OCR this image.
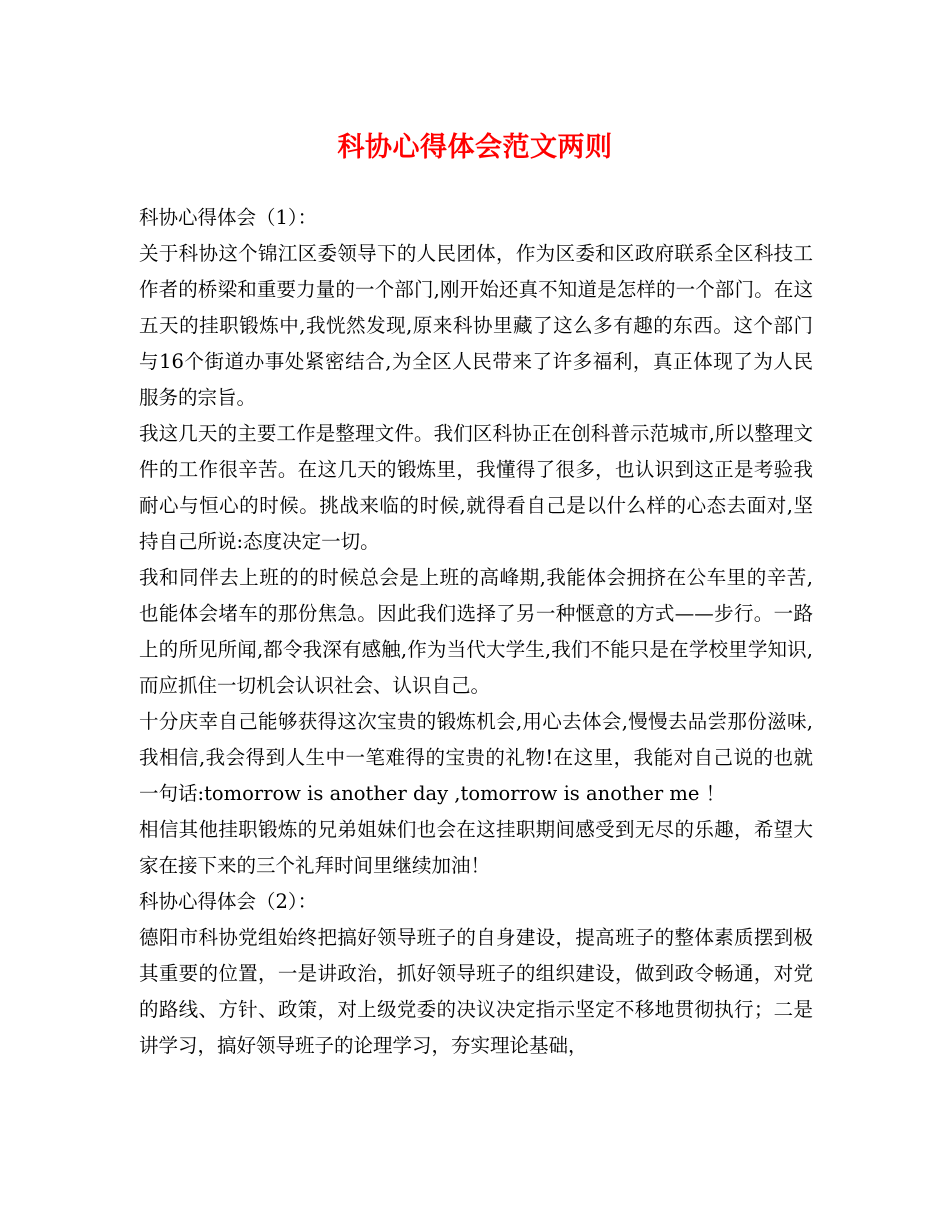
科协心得体会范文两则

科协心得体会（1）：

关于科协这个锦江区委领导下的人民团体，作为区委和区政府联系全区科技工作者的桥梁和重要力量的一个部门,刚开始还真不知道是怎样的一个部门。在这五天的挂职锻炼中,我恍然发现,原来科协里藏了这么多有趣的东西。这个部门与16个街道办事处紧密结合,为全区人民带来了许多福利，真正体现了为人民服务的宗旨。

我这几天的主要工作是整理文件。我们区科协正在创科普示范城市,所以整理文件的工作很辛苦。在这几天的锻炼里，我懂得了很多，也认识到这正是考验我耐心与恒心的时候。挑战来临的时候,就得看自己是以什么样的心态去面对,坚持自己所说:态度决定一切。

我和同伴去上班的的时候总会是上班的高峰期,我能体会拥挤在公车里的辛苦,也能体会堵车的那份焦急。因此我们选择了另一种惬意的方式——步行。一路上的所见所闻,都令我深有感触,作为当代大学生,我们不能只是在学校里学知识,而应抓住一切机会认识社会、认识自己。

十分庆幸自己能够获得这次宝贵的锻炼机会,用心去体会,慢慢去品尝那份滋味,我相信,我会得到人生中一笔难得的宝贵的礼物!在这里，我能对自己说的也就一句话:tomorrow is another day ,tomorrow is another me ！

相信其他挂职锻炼的兄弟姐妹们也会在这挂职期间感受到无尽的乐趣，希望大家在接下来的三个礼拜时间里继续加油！

科协心得体会（2）：

德阳市科协党组始终把搞好领导班子的自身建设，提高班子的整体素质摆到极其重要的位置，一是讲政治，抓好领导班子的组织建设，做到政令畅通，对党的路线、方针、政策，对上级党委的决议决定指示坚定不移地贯彻执行；二是讲学习，搞好领导班子的论理学习，夯实理论基础，
